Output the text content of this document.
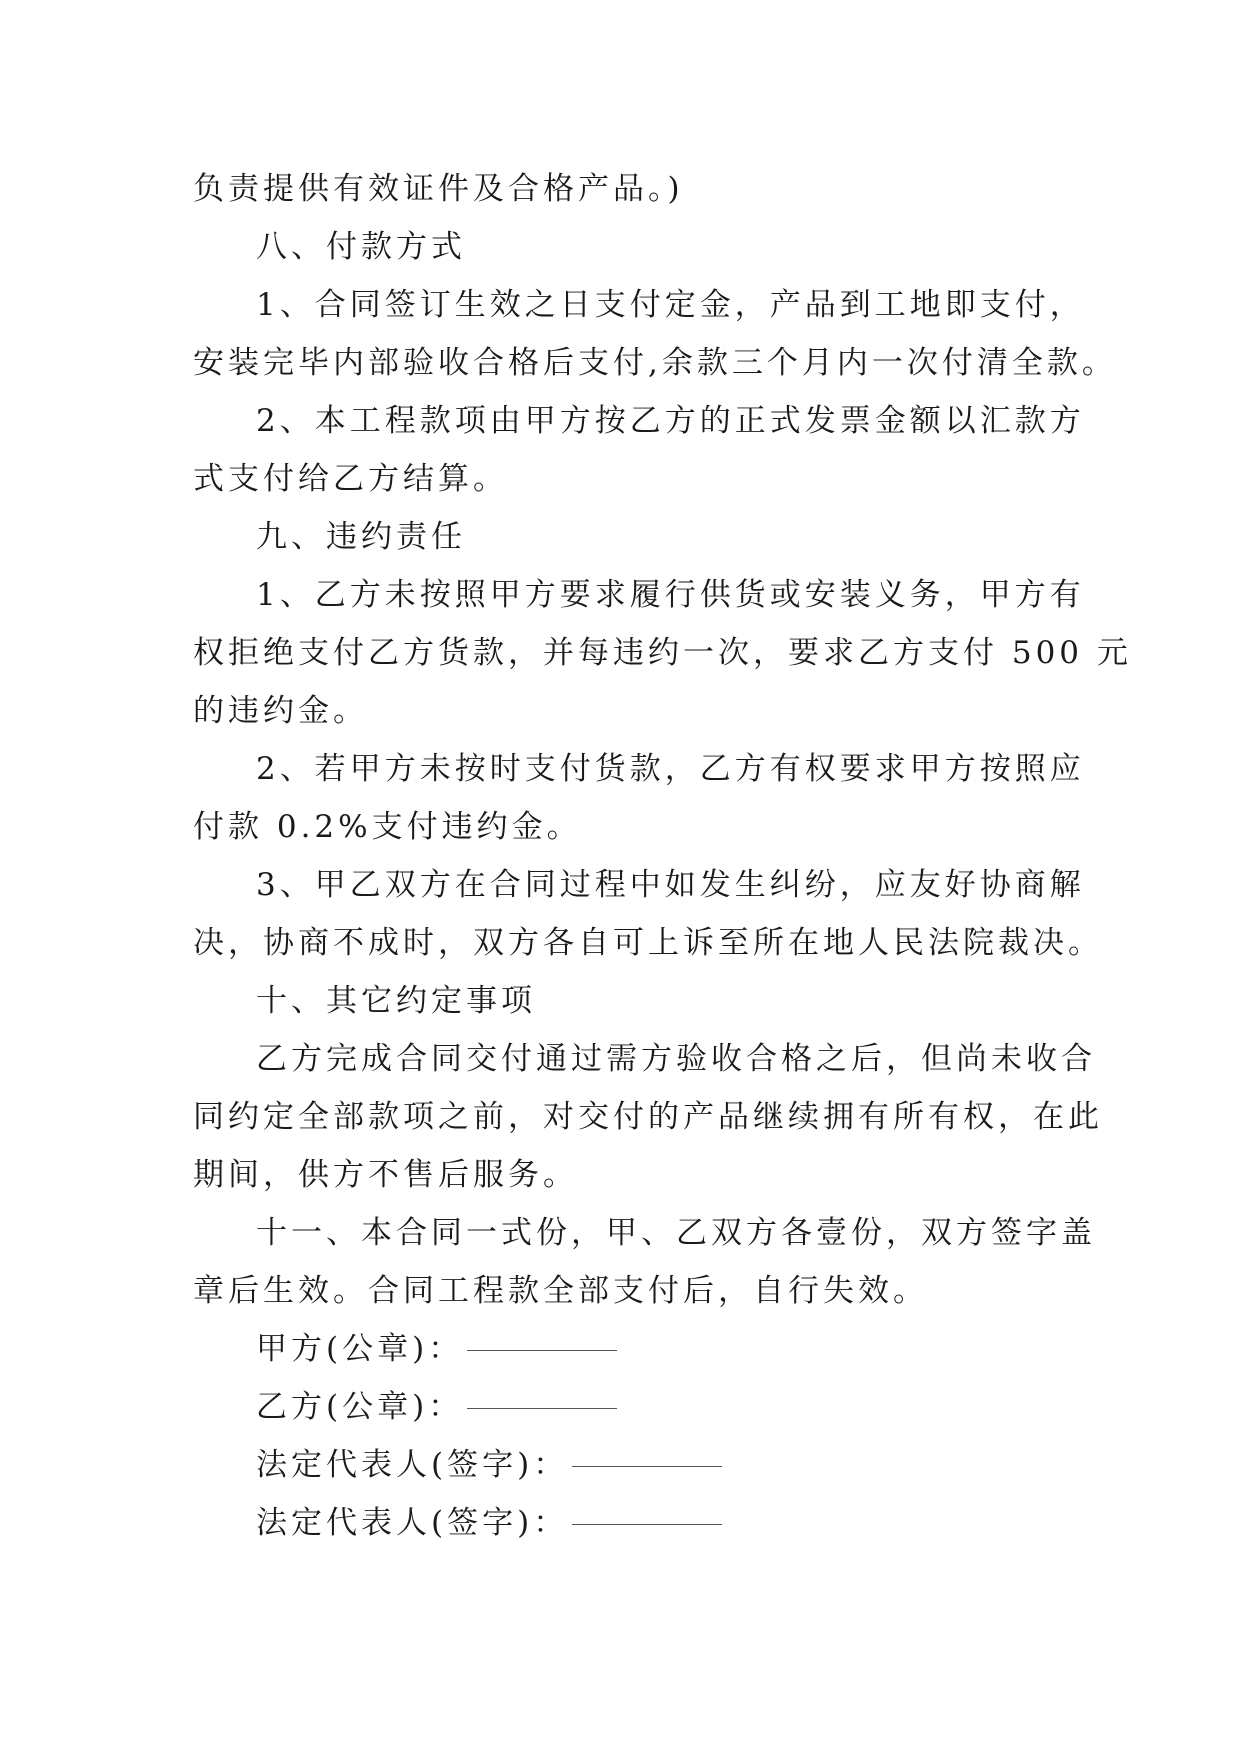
负责提供有效证件及合格产品。)
八、付款方式
1、合同签订生效之日支付定金，产品到工地即支付，
安装完毕内部验收合格后支付,余款三个月内一次付清全款。
2、本工程款项由甲方按乙方的正式发票金额以汇款方
式支付给乙方结算。
九、违约责任
1、乙方未按照甲方要求履行供货或安装义务，甲方有
权拒绝支付乙方货款，并每违约一次，要求乙方支付 500 元
的违约金。
2、若甲方未按时支付货款，乙方有权要求甲方按照应
付款 0.2%支付违约金。
3、甲乙双方在合同过程中如发生纠纷，应友好协商解
决，协商不成时，双方各自可上诉至所在地人民法院裁决。
十、其它约定事项
乙方完成合同交付通过需方验收合格之后，但尚未收合
同约定全部款项之前，对交付的产品继续拥有所有权，在此
期间，供方不售后服务。
十一、本合同一式份，甲、乙双方各壹份，双方签字盖
章后生效。合同工程款全部支付后，自行失效。
甲方(公章)：
乙方(公章)：
法定代表人(签字)：
法定代表人(签字)：
